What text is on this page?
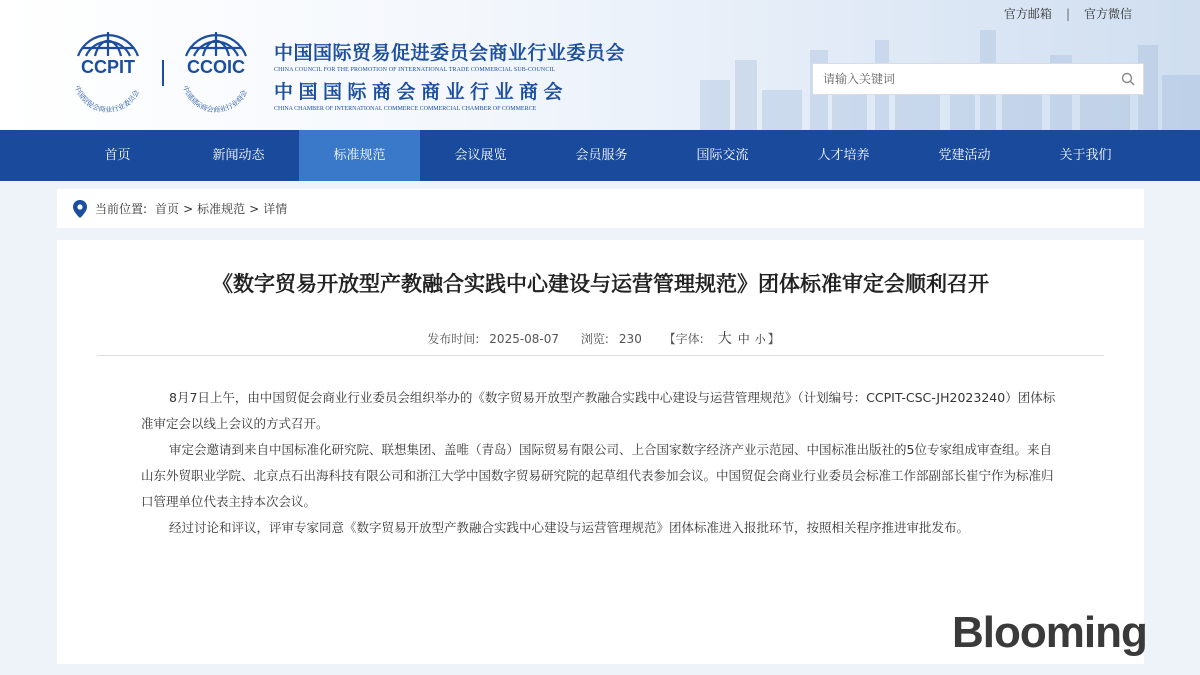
官方邮箱 | 官方微信
CCPIT
中国贸促会商业行业委员会
CCOIC
中国国际商会商业行业商会
中国国际贸易促进委员会商业行业委员会
CHINA COUNCIL FOR THE PROMOTION OF INTERNATIONAL TRADE COMMERCIAL SUB-COUNCIL
中国国际商会商业行业商会
CHINA CHAMBER OF INTERNATIONAL COMMERCE COMMERCIAL CHAMBER OF COMMERCE
请输入关键词
首页	新闻动态	标准规范	会议展览	会员服务	国际交流	人才培养	党建活动	关于我们
当前位置: 首页 > 标准规范 > 详情
《数字贸易开放型产教融合实践中心建设与运营管理规范》团体标准审定会顺利召开
发布时间: 2025-08-07 浏览: 230 【字体: 大 中 小 】

8月7日上午，由中国贸促会商业行业委员会组织举办的《数字贸易开放型产教融合实践中心建设与运营管理规范》（计划编号：CCPIT-CSC-JH2023240）团体标准审定会以线上会议的方式召开。

审定会邀请到来自中国标准化研究院、联想集团、盖唯（青岛）国际贸易有限公司、上合国家数字经济产业示范园、中国标准出版社的5位专家组成审查组。来自山东外贸职业学院、北京点石出海科技有限公司和浙江大学中国数字贸易研究院的起草组代表参加会议。中国贸促会商业行业委员会标准工作部副部长崔宁作为标准归口管理单位代表主持本次会议。

经过讨论和评议，评审专家同意《数字贸易开放型产教融合实践中心建设与运营管理规范》团体标准进入报批环节，按照相关程序推进审批发布。

Blooming
